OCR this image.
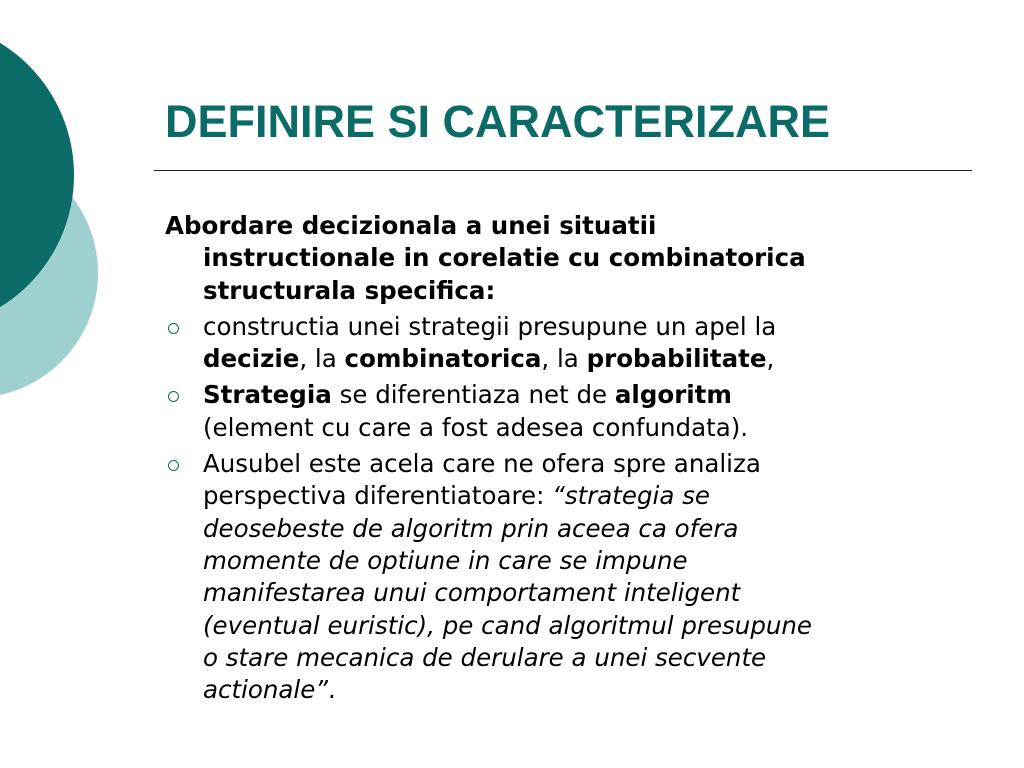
DEFINIRE SI CARACTERIZARE

Abordare decizionala a unei situatii
instructionale in corelatie cu combinatorica
structurala specifica:

constructia unei strategii presupune un apel la
decizie, la combinatorica, la probabilitate,
Strategia se diferentiaza net de algoritm
(element cu care a fost adesea confundata).
Ausubel este acela care ne ofera spre analiza
perspectiva diferentiatoare: “strategia se
deosebeste de algoritm prin aceea ca ofera
momente de optiune in care se impune
manifestarea unui comportament inteligent
(eventual euristic), pe cand algoritmul presupune
o stare mecanica de derulare a unei secvente
actionale”.
